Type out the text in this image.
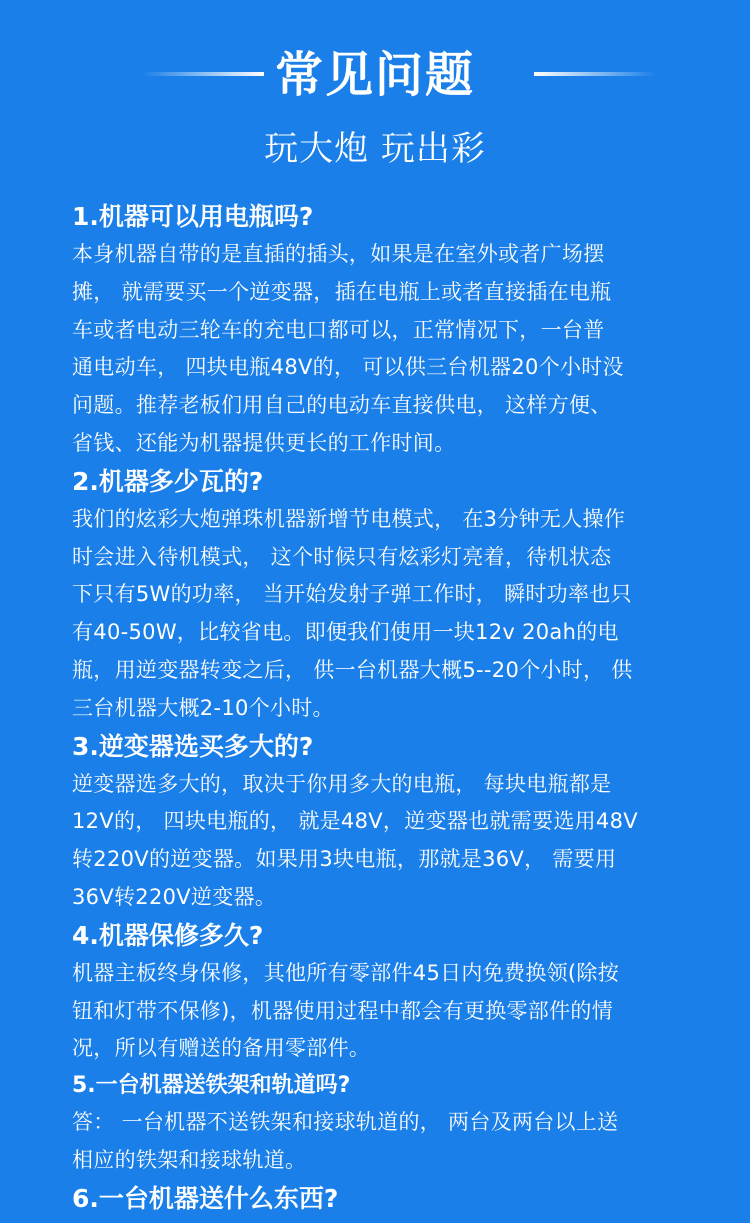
常见问题
玩大炮 玩出彩

1.机器可以用电瓶吗?

本身机器自带的是直插的插头，如果是在室外或者广场摆

摊， 就需要买一个逆变器，插在电瓶上或者直接插在电瓶

车或者电动三轮车的充电口都可以，正常情况下，一台普

通电动车， 四块电瓶48V的， 可以供三台机器20个小时没

问题。推荐老板们用自己的电动车直接供电， 这样方便、

省钱、还能为机器提供更长的工作时间。

2.机器多少瓦的?

我们的炫彩大炮弹珠机器新增节电模式， 在3分钟无人操作

时会进入待机模式， 这个时候只有炫彩灯亮着，待机状态

下只有5W的功率， 当开始发射子弹工作时， 瞬时功率也只

有40-50W，比较省电。即便我们使用一块12v 20ah的电

瓶，用逆变器转变之后， 供一台机器大概5--20个小时， 供

三台机器大概2-10个小时。

3.逆变器选买多大的?

逆变器选多大的，取决于你用多大的电瓶， 每块电瓶都是

12V的， 四块电瓶的， 就是48V，逆变器也就需要选用48V

转220V的逆变器。如果用3块电瓶，那就是36V， 需要用

36V转220V逆变器。

4.机器保修多久?

机器主板终身保修，其他所有零部件45日内免费换领(除按

钮和灯带不保修)，机器使用过程中都会有更换零部件的情

况，所以有赠送的备用零部件。

5.一台机器送铁架和轨道吗?

答： 一台机器不送铁架和接球轨道的， 两台及两台以上送

相应的铁架和接球轨道。

6.一台机器送什么东西?
